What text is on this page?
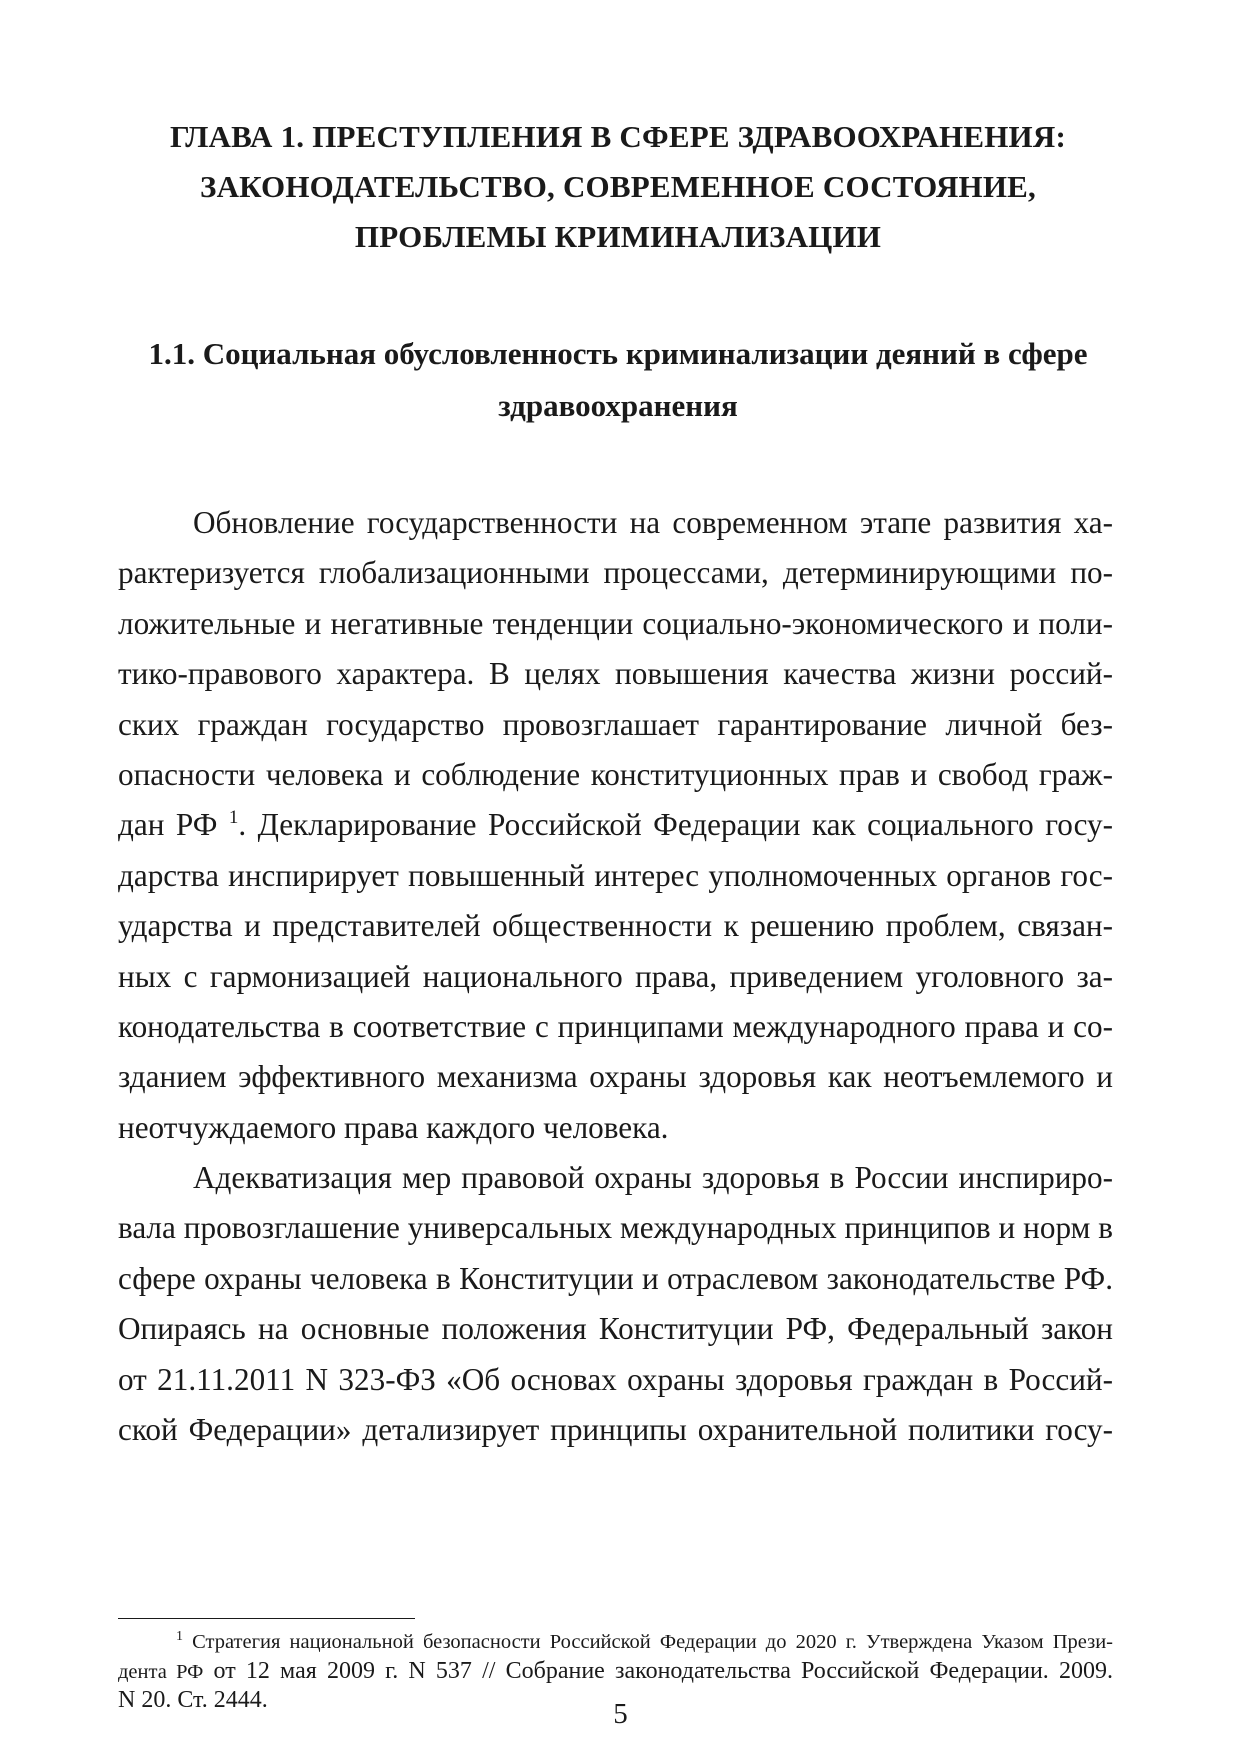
ГЛАВА 1. ПРЕСТУПЛЕНИЯ В СФЕРЕ ЗДРАВООХРАНЕНИЯ:
ЗАКОНОДАТЕЛЬСТВО, СОВРЕМЕННОЕ СОСТОЯНИЕ,
ПРОБЛЕМЫ КРИМИНАЛИЗАЦИИ
1.1. Социальная обусловленность криминализации деяний в сфере
здравоохранения
Обновление государственности на современном этапе развития ха-
рактеризуется глобализационными процессами, детерминирующими по-
ложительные и негативные тенденции социально-экономического и поли-
тико-правового характера. В целях повышения качества жизни россий-
ских граждан государство провозглашает гарантирование личной без-
опасности человека и соблюдение конституционных прав и свобод граж-
дан РФ $^1$. Декларирование Российской Федерации как социального госу-
дарства инспирирует повышенный интерес уполномоченных органов гос-
ударства и представителей общественности к решению проблем, связан-
ных с гармонизацией национального права, приведением уголовного за-
конодательства в соответствие с принципами международного права и со-
зданием эффективного механизма охраны здоровья как неотъемлемого и
неотчуждаемого права каждого человека.
Адекватизация мер правовой охраны здоровья в России инспириро-
вала провозглашение универсальных международных принципов и норм в
сфере охраны человека в Конституции и отраслевом законодательстве РФ.
Опираясь на основные положения Конституции РФ, Федеральный закон
от 21.11.2011 N 323-ФЗ «Об основах охраны здоровья граждан в Россий-
ской Федерации» детализирует принципы охранительной политики госу-
$^1$ Стратегия национальной безопасности Российской Федерации до 2020 г. Утверждена Указом Прези-
дента РФ от 12 мая 2009 г. N 537 // Собрание законодательства Российской Федерации. 2009.
N 20. Ст. 2444.	5
